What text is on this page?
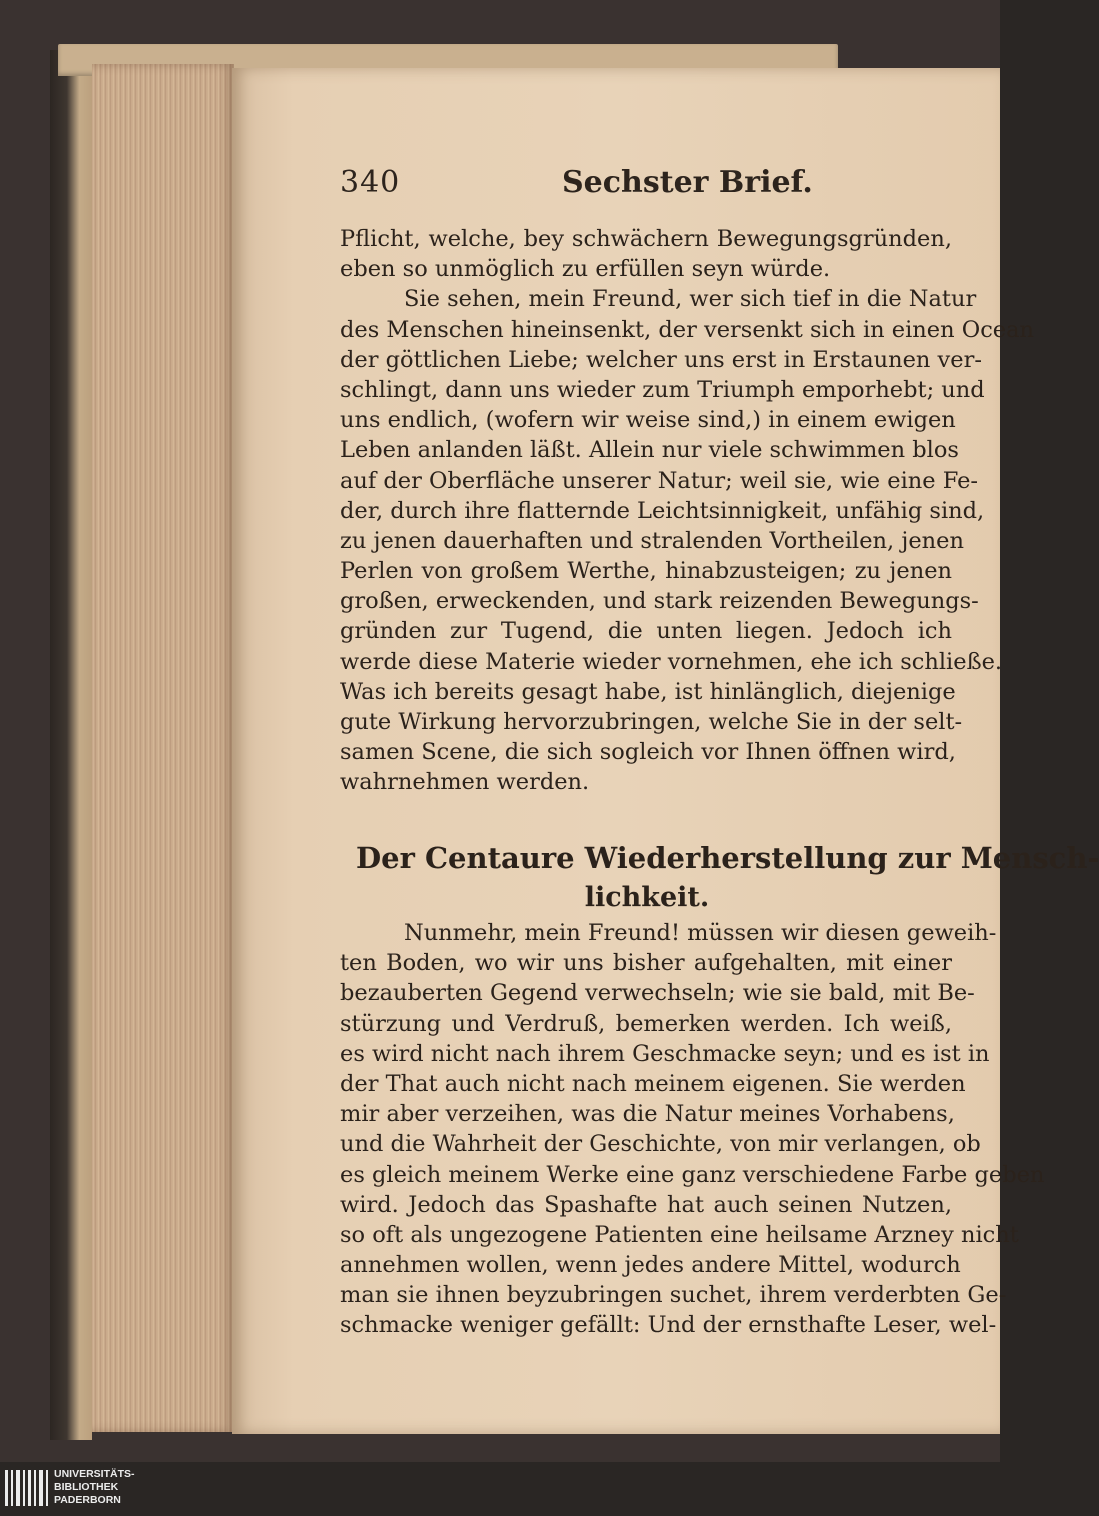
340	Sechster Brief.
Pflicht, welche, bey schwächern Bewegungsgründen,
eben so unmöglich zu erfüllen seyn würde.
Sie sehen, mein Freund, wer sich tief in die Natur
des Menschen hineinsenkt, der versenkt sich in einen Ocean
der göttlichen Liebe; welcher uns erst in Erstaunen ver-
schlingt, dann uns wieder zum Triumph emporhebt; und
uns endlich, (wofern wir weise sind,) in einem ewigen
Leben anlanden läßt. Allein nur viele schwimmen blos
auf der Oberfläche unserer Natur; weil sie, wie eine Fe-
der, durch ihre flatternde Leichtsinnigkeit, unfähig sind,
zu jenen dauerhaften und stralenden Vortheilen, jenen
Perlen von großem Werthe, hinabzusteigen; zu jenen
großen, erweckenden, und stark reizenden Bewegungs-
gründen zur Tugend, die unten liegen. Jedoch ich
werde diese Materie wieder vornehmen, ehe ich schließe.
Was ich bereits gesagt habe, ist hinlänglich, diejenige
gute Wirkung hervorzubringen, welche Sie in der selt-
samen Scene, die sich sogleich vor Ihnen öffnen wird,
wahrnehmen werden.
Der Centaure Wiederherstellung zur Mensch-
lichkeit.
Nunmehr, mein Freund! müssen wir diesen geweih-
ten Boden, wo wir uns bisher aufgehalten, mit einer
bezauberten Gegend verwechseln; wie sie bald, mit Be-
stürzung und Verdruß, bemerken werden. Ich weiß,
es wird nicht nach ihrem Geschmacke seyn; und es ist in
der That auch nicht nach meinem eigenen. Sie werden
mir aber verzeihen, was die Natur meines Vorhabens,
und die Wahrheit der Geschichte, von mir verlangen, ob
es gleich meinem Werke eine ganz verschiedene Farbe geben
wird. Jedoch das Spashafte hat auch seinen Nutzen,
so oft als ungezogene Patienten eine heilsame Arzney nicht
annehmen wollen, wenn jedes andere Mittel, wodurch
man sie ihnen beyzubringen suchet, ihrem verderbten Ge-
schmacke weniger gefällt: Und der ernsthafte Leser, wel-
UNIVERSITÄTS-
BIBLIOTHEK
PADERBORN
